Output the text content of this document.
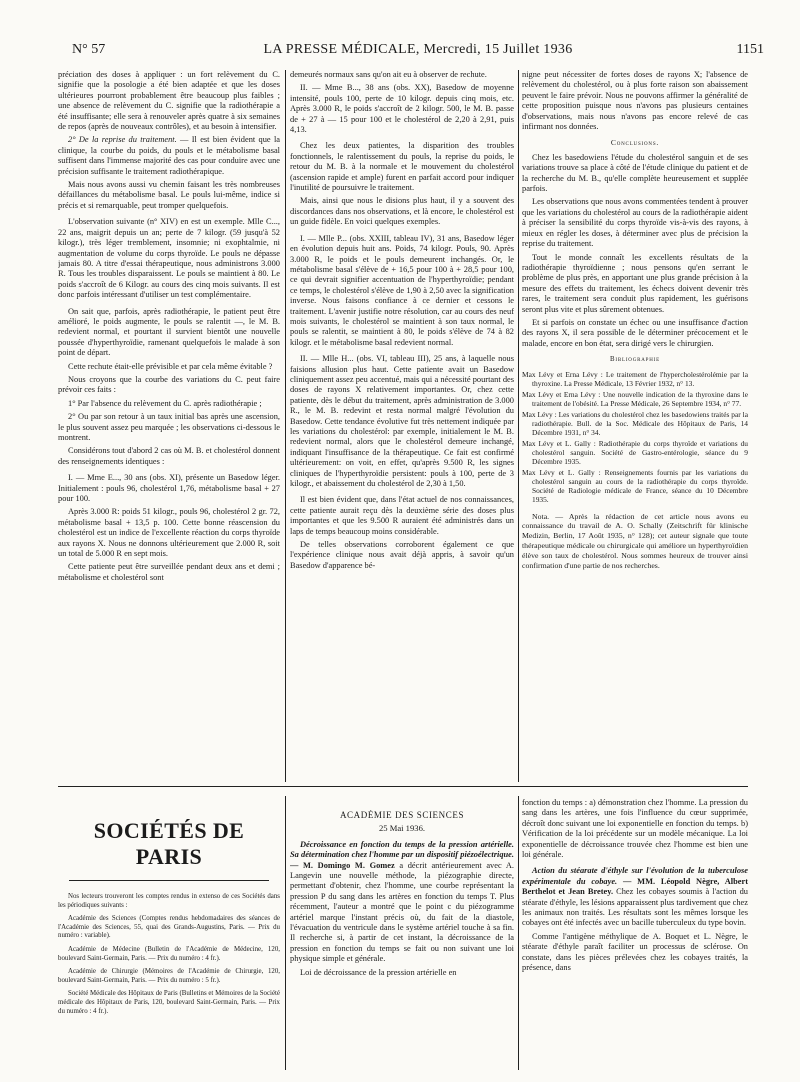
N° 57	LA PRESSE MÉDICALE, Mercredi, 15 Juillet 1936	1151

préciation des doses à appliquer : un fort relèvement du C. signifie que la posologie a été bien adaptée et que les doses ultérieures pourront probablement être beaucoup plus faibles ; une absence de relèvement du C. signifie que la radiothérapie a été insuffisante; elle sera à renouveler après quatre à six semaines de repos (après de nouveaux contrôles), et au besoin à intensifier.

2° De la reprise du traitement. — Il est bien évident que la clinique, la courbe du poids, du pouls et le métabolisme basal suffisent dans l'immense majorité des cas pour conduire avec une précision suffisante le traitement radiothérapique.

Mais nous avons aussi vu chemin faisant les très nombreuses défaillances du métabolisme basal. Le pouls lui-même, indice si précis et si remarquable, peut tromper quelquefois.

L'observation suivante (n° XIV) en est un exemple. Mlle C..., 22 ans, maigrit depuis un an; perte de 7 kilogr. (59 jusqu'à 52 kilogr.), très léger tremblement, insomnie; ni exophtalmie, ni augmentation de volume du corps thyroïde. Le pouls ne dépasse jamais 80. A titre d'essai thérapeutique, nous administrons 3.000 R. Tous les troubles disparaissent. Le pouls se maintient à 80. Le poids s'accroît de 6 Kilogr. au cours des cinq mois suivants. Il est donc parfois intéressant d'utiliser un test complémentaire.

On sait que, parfois, après radiothérapie, le patient peut être amélioré, le poids augmente, le pouls se ralentit —, le M. B. redevient normal, et pourtant il survient bientôt une nouvelle poussée d'hyperthyroïdie, ramenant quelquefois le malade à son point de départ.

Cette rechute était-elle prévisible et par cela même évitable ?

Nous croyons que la courbe des variations du C. peut faire prévoir ces faits :

1° Par l'absence du relèvement du C. après radiothérapie ;

2° Ou par son retour à un taux initial bas après une ascension, le plus souvent assez peu marquée ; les observations ci-dessous le montrent.

Considérons tout d'abord 2 cas où M. B. et cholestérol donnent des renseignements identiques :

I. — Mme E..., 30 ans (obs. XI), présente un Basedow léger. Initialement : pouls 96, cholestérol 1,76, métabolisme basal + 27 pour 100.

Après 3.000 R: poids 51 kilogr., pouls 96, cholestérol 2 gr. 72, métabolisme basal + 13,5 p. 100. Cette bonne réascension du cholestérol est un indice de l'excellente réaction du corps thyroïde aux rayons X. Nous ne donnons ultérieurement que 2.000 R, soit un total de 5.000 R en sept mois.

Cette patiente peut être surveillée pendant deux ans et demi ; métabolisme et cholestérol sont

demeurés normaux sans qu'on ait eu à observer de rechute.

II. — Mme B..., 38 ans (obs. XX), Basedow de moyenne intensité, pouls 100, perte de 10 kilogr. depuis cinq mois, etc. Après 3.000 R, le poids s'accroît de 2 kilogr. 500, le M. B. passe de + 27 à — 15 pour 100 et le cholestérol de 2,20 à 2,91, puis 4,13.

Chez les deux patientes, la disparition des troubles fonctionnels, le ralentissement du pouls, la reprise du poids, le retour du M. B. à la normale et le mouvement du cholestérol (ascension rapide et ample) furent en parfait accord pour indiquer l'inutilité de poursuivre le traitement.

Mais, ainsi que nous le disions plus haut, il y a souvent des discordances dans nos observations, et là encore, le cholestérol est un guide fidèle. En voici quelques exemples.

I. — Mlle P... (obs. XXIII, tableau IV), 31 ans, Basedow léger en évolution depuis huit ans. Poids, 74 kilogr. Pouls, 90. Après 3.000 R, le poids et le pouls demeurent inchangés. Or, le métabolisme basal s'élève de + 16,5 pour 100 à + 28,5 pour 100, ce qui devrait signifier accentuation de l'hyperthyroïdie; pendant ce temps, le cholestérol s'élève de 1,90 à 2,50 avec la signification inverse. Nous faisons confiance à ce dernier et cessons le traitement. L'avenir justifie notre résolution, car au cours des neuf mois suivants, le cholestérol se maintient à son taux normal, le pouls se ralentit, se maintient à 80, le poids s'élève de 74 à 82 kilogr. et le métabolisme basal redevient normal.

II. — Mlle H... (obs. VI, tableau III), 25 ans, à laquelle nous faisions allusion plus haut. Cette patiente avait un Basedow cliniquement assez peu accentué, mais qui a nécessité pourtant des doses de rayons X relativement importantes. Or, chez cette patiente, dès le début du traitement, après administration de 3.000 R., le M. B. redevint et resta normal malgré l'évolution du Basedow. Cette tendance évolutive fut très nettement indiquée par les variations du cholestérol: par exemple, initialement le M. B. redevient normal, alors que le cholestérol demeure inchangé, indiquant l'insuffisance de la thérapeutique. Ce fait est confirmé ultérieurement: on voit, en effet, qu'après 9.500 R, les signes cliniques de l'hyperthyroïdie persistent: pouls à 100, perte de 3 kilogr., et abaissement du cholestérol de 2,30 à 1,50.

Il est bien évident que, dans l'état actuel de nos connaissances, cette patiente aurait reçu dès la deuxième série des doses plus importantes et que les 9.500 R auraient été administrés dans un laps de temps beaucoup moins considérable.

De telles observations corroborent également ce que l'expérience clinique nous avait déjà appris, à savoir qu'un Basedow d'apparence bé-

nigne peut nécessiter de fortes doses de rayons X; l'absence de relèvement du cholestérol, ou à plus forte raison son abaissement peuvent le faire prévoir. Nous ne pouvons affirmer la généralité de cette proposition puisque nous n'avons pas plusieurs centaines d'observations, mais nous n'avons pas encore relevé de cas infirmant nos données.

Conclusions.

Chez les basedowiens l'étude du cholestérol sanguin et de ses variations trouve sa place à côté de l'étude clinique du patient et de la recherche du M. B., qu'elle complète heureusement et supplée parfois.

Les observations que nous avons commentées tendent à prouver que les variations du cholestérol au cours de la radiothérapie aident à préciser la sensibilité du corps thyroïde vis-à-vis des rayons, à mieux en régler les doses, à déterminer avec plus de précision la reprise du traitement.

Tout le monde connaît les excellents résultats de la radiothérapie thyroïdienne ; nous pensons qu'en serrant le problème de plus près, en apportant une plus grande précision à la mesure des effets du traitement, les échecs doivent devenir très rares, le traitement sera conduit plus rapidement, les guérisons seront plus vite et plus sûrement obtenues.

Et si parfois on constate un échec ou une insuffisance d'action des rayons X, il sera possible de le déterminer précocement et le malade, encore en bon état, sera dirigé vers le chirurgien.

Bibliographie
Max Lévy et Erna Lévy : Le traitement de l'hypercholestérolémie par la thyroxine. La Presse Médicale, 13 Février 1932, n° 13.
Max Lévy et Erna Lévy : Une nouvelle indication de la thyroxine dans le traitement de l'obésité. La Presse Médicale, 26 Septembre 1934, n° 77.
Max Lévy : Les variations du cholestérol chez les basedowiens traités par la radiothérapie. Bull. de la Soc. Médicale des Hôpitaux de Paris, 14 Décembre 1931, n° 34.
Max Lévy et L. Gally : Radiothérapie du corps thyroïde et variations du cholestérol sanguin. Société de Gastro-entérologie, séance du 9 Décembre 1935.
Max Lévy et L. Gally : Renseignements fournis par les variations du cholestérol sanguin au cours de la radiothérapie du corps thyroïde. Société de Radiologie médicale de France, séance du 10 Décembre 1935.
Nota. — Après la rédaction de cet article nous avons eu connaissance du travail de A. O. Schally (Zeitschrift für klinische Medizin, Berlin, 17 Août 1935, n° 128); cet auteur signale que toute thérapeutique médicale ou chirurgicale qui améliore un hyperthyroïdien élève son taux de cholestérol. Nous sommes heureux de trouver ainsi confirmation d'une partie de nos recherches.
SOCIÉTÉS DE PARIS

Nos lecteurs trouveront les comptes rendus in extenso de ces Sociétés dans les périodiques suivants :

Académie des Sciences (Comptes rendus hebdomadaires des séances de l'Académie des Sciences, 55, quai des Grands-Augustins, Paris. — Prix du numéro : variable).

Académie de Médecine (Bulletin de l'Académie de Médecine, 120, boulevard Saint-Germain, Paris. — Prix du numéro : 4 fr.).

Académie de Chirurgie (Mémoires de l'Académie de Chirurgie, 120, boulevard Saint-Germain, Paris. — Prix du numéro : 5 fr.).

Société Médicale des Hôpitaux de Paris (Bulletins et Mémoires de la Société médicale des Hôpitaux de Paris, 120, boulevard Saint-Germain, Paris. — Prix du numéro : 4 fr.).

ACADÉMIE DES SCIENCES
25 Mai 1936.

Décroissance en fonction du temps de la pression artérielle. Sa détermination chez l'homme par un dispositif piézoélectrique. — M. Domingo M. Gomez a décrit antérieurement avec A. Langevin une nouvelle méthode, la piézographie directe, permettant d'obtenir, chez l'homme, une courbe représentant la pression P du sang dans les artères en fonction du temps T. Plus récemment, l'auteur a montré que le point c du piézogramme artériel marque l'instant précis où, du fait de la diastole, l'évacuation du ventricule dans le système artériel touche à sa fin. Il recherche si, à partir de cet instant, la décroissance de la pression en fonction du temps se fait ou non suivant une loi physique simple et générale.

Loi de décroissance de la pression artérielle en

fonction du temps : a) démonstration chez l'homme. La pression du sang dans les artères, une fois l'influence du cœur supprimée, décroît donc suivant une loi exponentielle en fonction du temps. b) Vérification de la loi précédente sur un modèle mécanique. La loi exponentielle de décroissance trouvée chez l'homme est bien une loi générale.

Action du stéarate d'éthyle sur l'évolution de la tuberculose expérimentale du cobaye. — MM. Léopold Nègre, Albert Berthelot et Jean Bretey. Chez les cobayes soumis à l'action du stéarate d'éthyle, les lésions apparaissent plus tardivement que chez les animaux non traités. Les résultats sont les mêmes lorsque les cobayes ont été infectés avec un bacille tuberculeux du type bovin.

Comme l'antigène méthylique de A. Boquet et L. Nègre, le stéarate d'éthyle paraît faciliter un processus de sclérose. On constate, dans les pièces prélevées chez les cobayes traités, la présence, dans
